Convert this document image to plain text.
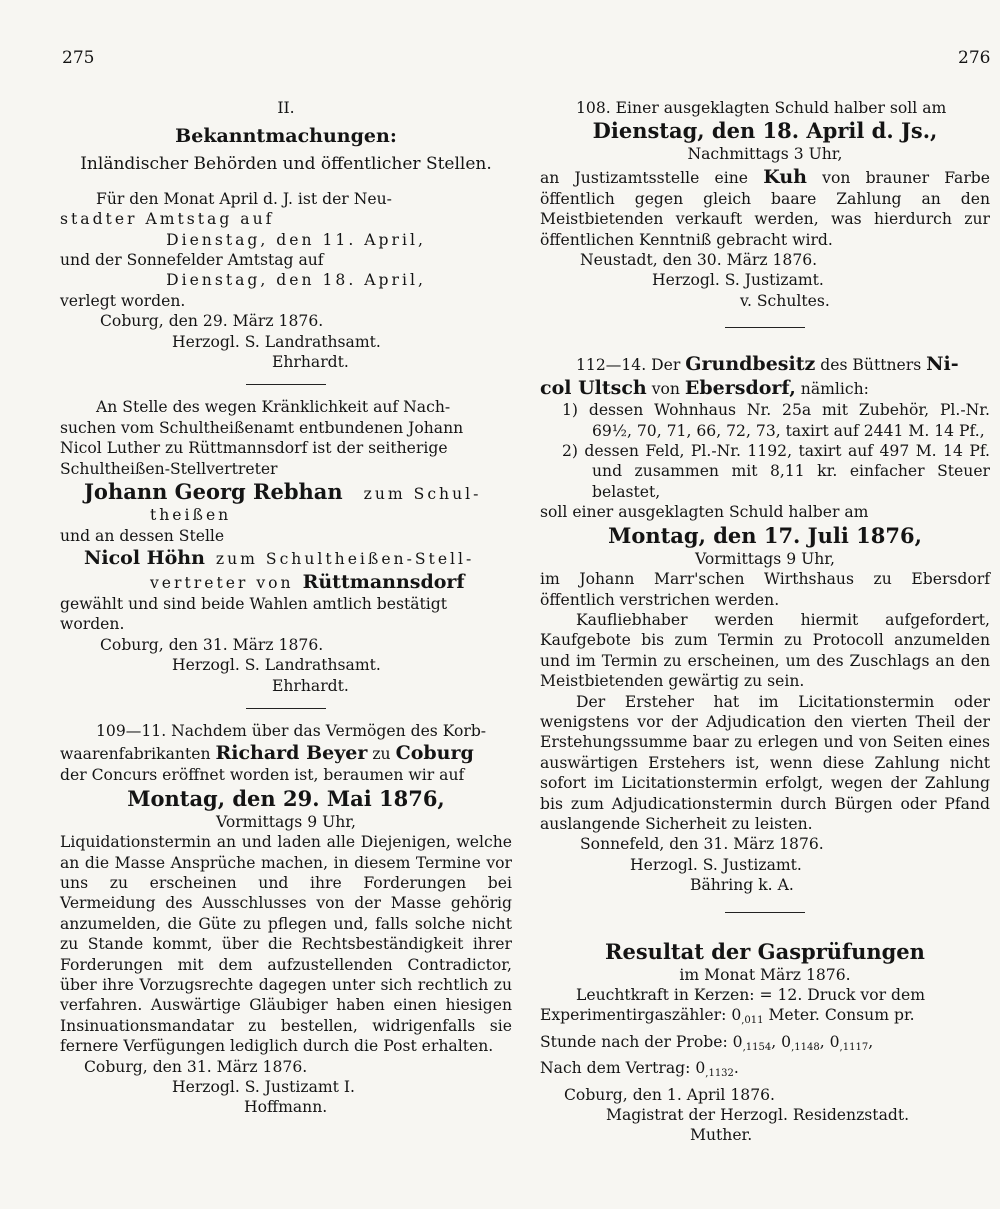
275	276
II.
Bekanntmachungen:
Inländischer Behörden und öffentlicher Stellen.
Für den Monat April d. J. ist der Neu-
stadter Amtstag auf
Dienstag, den 11. April,
und der Sonnefelder Amtstag auf
Dienstag, den 18. April,
verlegt worden.
Coburg, den 29. März 1876.
Herzogl. S. Landrathsamt.
Ehrhardt.
An Stelle des wegen Kränklichkeit auf Nach-
suchen vom Schultheißenamt entbundenen Johann
Nicol Luther zu Rüttmannsdorf ist der seitherige
Schultheißen-Stellvertreter
Johann Georg Rebhan zum Schul-
theißen
und an dessen Stelle
Nicol Höhn zum Schultheißen-Stell-
vertreter von Rüttmannsdorf
gewählt und sind beide Wahlen amtlich bestätigt
worden.
Coburg, den 31. März 1876.
Herzogl. S. Landrathsamt.
Ehrhardt.
109—11. Nachdem über das Vermögen des Korb-
waarenfabrikanten Richard Beyer zu Coburg
der Concurs eröffnet worden ist, beraumen wir auf
Montag, den 29. Mai 1876,
Vormittags 9 Uhr,
Liquidationstermin an und laden alle Diejenigen, welche an die Masse Ansprüche machen, in diesem Termine vor uns zu erscheinen und ihre Forderungen bei Vermeidung des Ausschlusses von der Masse gehörig anzumelden, die Güte zu pflegen und, falls solche nicht zu Stande kommt, über die Rechtsbeständigkeit ihrer Forderungen mit dem aufzustellenden Contradictor, über ihre Vorzugsrechte dagegen unter sich rechtlich zu verfahren. Auswärtige Gläubiger haben einen hiesigen Insinuationsmandatar zu bestellen, widrigenfalls sie fernere Verfügungen lediglich durch die Post erhalten.
Coburg, den 31. März 1876.
Herzogl. S. Justizamt I.
Hoffmann.
108. Einer ausgeklagten Schuld halber soll am
Dienstag, den 18. April d. Js.,
Nachmittags 3 Uhr,
an Justizamtsstelle eine Kuh von brauner Farbe öffentlich gegen gleich baare Zahlung an den Meistbietenden verkauft werden, was hierdurch zur öffentlichen Kenntniß gebracht wird.
Neustadt, den 30. März 1876.
Herzogl. S. Justizamt.
v. Schultes.
112—14. Der Grundbesitz des Büttners Ni-
col Ultsch von Ebersdorf, nämlich:
1) dessen Wohnhaus Nr. 25a mit Zubehör, Pl.-Nr. 69½, 70, 71, 66, 72, 73, taxirt auf 2441 M. 14 Pf.,
2) dessen Feld, Pl.-Nr. 1192, taxirt auf 497 M. 14 Pf. und zusammen mit 8,11 kr. einfacher Steuer belastet,
soll einer ausgeklagten Schuld halber am
Montag, den 17. Juli 1876,
Vormittags 9 Uhr,
im Johann Marr'schen Wirthshaus zu Ebersdorf öffentlich verstrichen werden.
Kaufliebhaber werden hiermit aufgefordert, Kaufgebote bis zum Termin zu Protocoll anzumelden und im Termin zu erscheinen, um des Zuschlags an den Meistbietenden gewärtig zu sein.
Der Ersteher hat im Licitationstermin oder wenigstens vor der Adjudication den vierten Theil der Erstehungssumme baar zu erlegen und von Seiten eines auswärtigen Erstehers ist, wenn diese Zahlung nicht sofort im Licitationstermin erfolgt, wegen der Zahlung bis zum Adjudicationstermin durch Bürgen oder Pfand auslangende Sicherheit zu leisten.
Sonnefeld, den 31. März 1876.
Herzogl. S. Justizamt.
Bähring k. A.
Resultat der Gasprüfungen
im Monat März 1876.
Leuchtkraft in Kerzen: = 12. Druck vor dem
Experimentirgaszähler: $0_{,011}$ Meter. Consum pr.
Stunde nach der Probe: $0_{,1154}$, $0_{,1148}$, $0_{,1117}$,
Nach dem Vertrag: $0_{,1132}$.
Coburg, den 1. April 1876.
Magistrat der Herzogl. Residenzstadt.
Muther.
